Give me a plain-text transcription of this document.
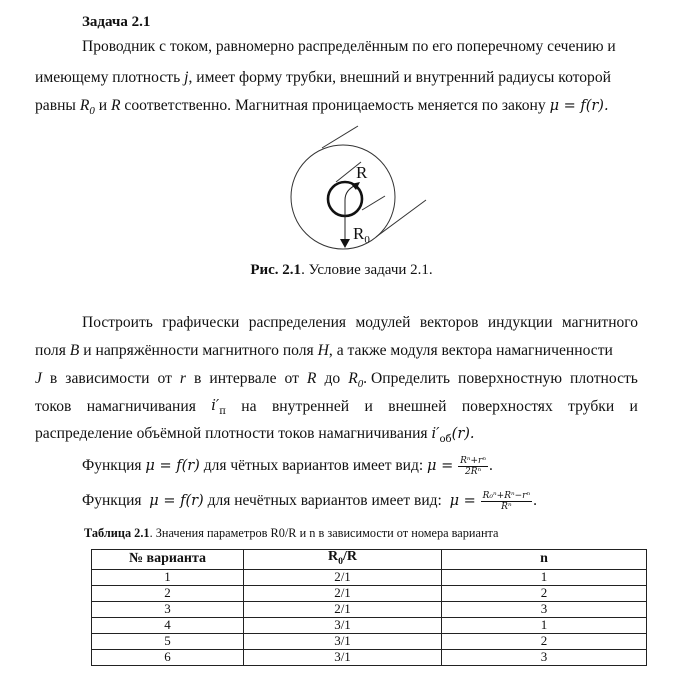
Задача 2.1
Проводник с током, равномерно распределённым по его поперечному сечению и
имеющему плотность j, имеет форму трубки, внешний и внутренний радиусы которой
равны $R_0$ и R соответственно. Магнитная проницаемость меняется по закону μ = f(r).
R
$R_0$
Рис. 2.1. Условие задачи 2.1.
Построить графически распределения модулей векторов индукции магнитного
поля B и напряжённости магнитного поля H, а также модуля вектора намагниченности
J в зависимости от r в интервале от R до $R_0$. Определить поверхностную плотность
токов намагничивания $i'_п$ на внутренней и внешней поверхностях трубки и
распределение объёмной плотности токов намагничивания $i'_{об}(r)$.
Функция μ = f(r) для чётных вариантов имеет вид: $\mu = \frac{\text{Rⁿ+rⁿ}}{\text{2Rⁿ}}$ .
Функция μ = f(r) для нечётных вариантов имеет вид: $\mu = \frac{\text{R₀ⁿ+Rⁿ−rⁿ}}{\text{Rⁿ}}$ .
Таблица 2.1. Значения параметров R0/R и n в зависимости от номера варианта
№ варианта	$R_0/R$	n
1	2/1	1
2	2/1	2
3	2/1	3
4	3/1	1
5	3/1	2
6	3/1	3
